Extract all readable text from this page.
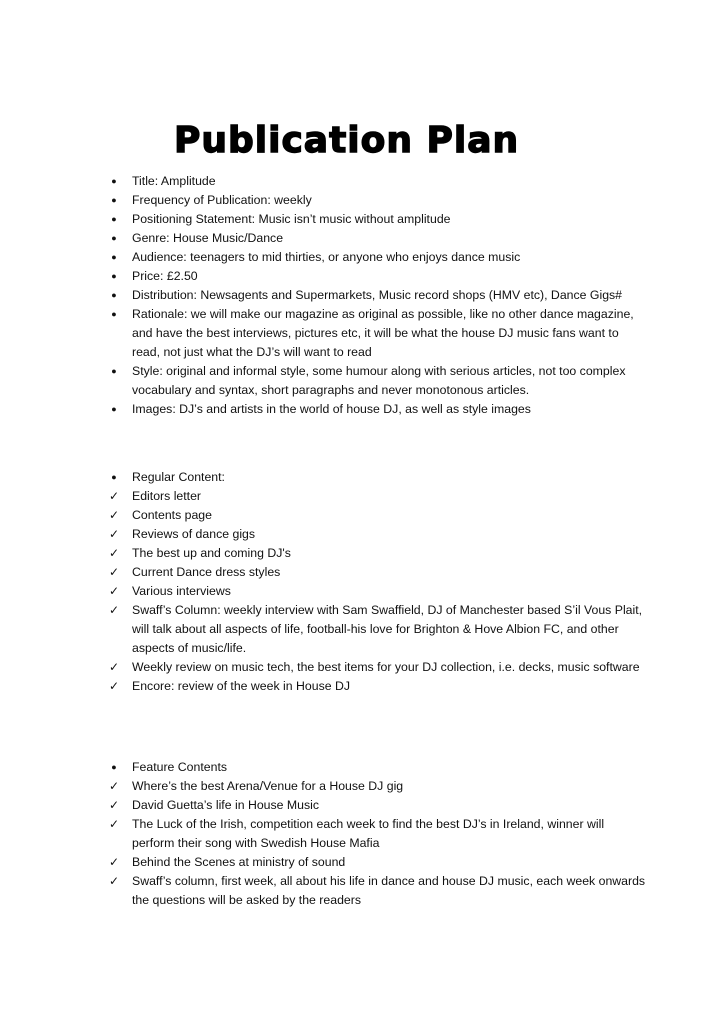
Publication Plan
●	Title: Amplitude
●	Frequency of Publication: weekly
●	Positioning Statement: Music isn’t music without amplitude
●	Genre: House Music/Dance
●	Audience: teenagers to mid thirties, or anyone who enjoys dance music
●	Price: £2.50
●	Distribution: Newsagents and Supermarkets, Music record shops (HMV etc), Dance Gigs#
●	Rationale: we will make our magazine as original as possible, like no other dance magazine, and have the best interviews, pictures etc, it will be what the house DJ music fans want to read, not just what the DJ’s will want to read
●	Style: original and informal style, some humour along with serious articles, not too complex vocabulary and syntax, short paragraphs and never monotonous articles.
●	Images: DJ’s and artists in the world of house DJ, as well as style images
●	Regular Content:
✓ Editors letter
✓ Contents page
✓ Reviews of dance gigs
✓ The best up and coming DJ's
✓ Current Dance dress styles
✓ Various interviews
✓ Swaff’s Column: weekly interview with Sam Swaffield, DJ of Manchester based S’il Vous Plait, will talk about all aspects of life, football-his love for Brighton & Hove Albion FC, and other aspects of music/life.
✓ Weekly review on music tech, the best items for your DJ collection, i.e. decks, music software
✓ Encore: review of the week in House DJ
●	Feature Contents
✓ Where’s the best Arena/Venue for a House DJ gig
✓ David Guetta’s life in House Music
✓ The Luck of the Irish, competition each week to find the best DJ’s in Ireland, winner will perform their song with Swedish House Mafia
✓ Behind the Scenes at ministry of sound
✓ Swaff’s column, first week, all about his life in dance and house DJ music, each week onwards the questions will be asked by the readers
